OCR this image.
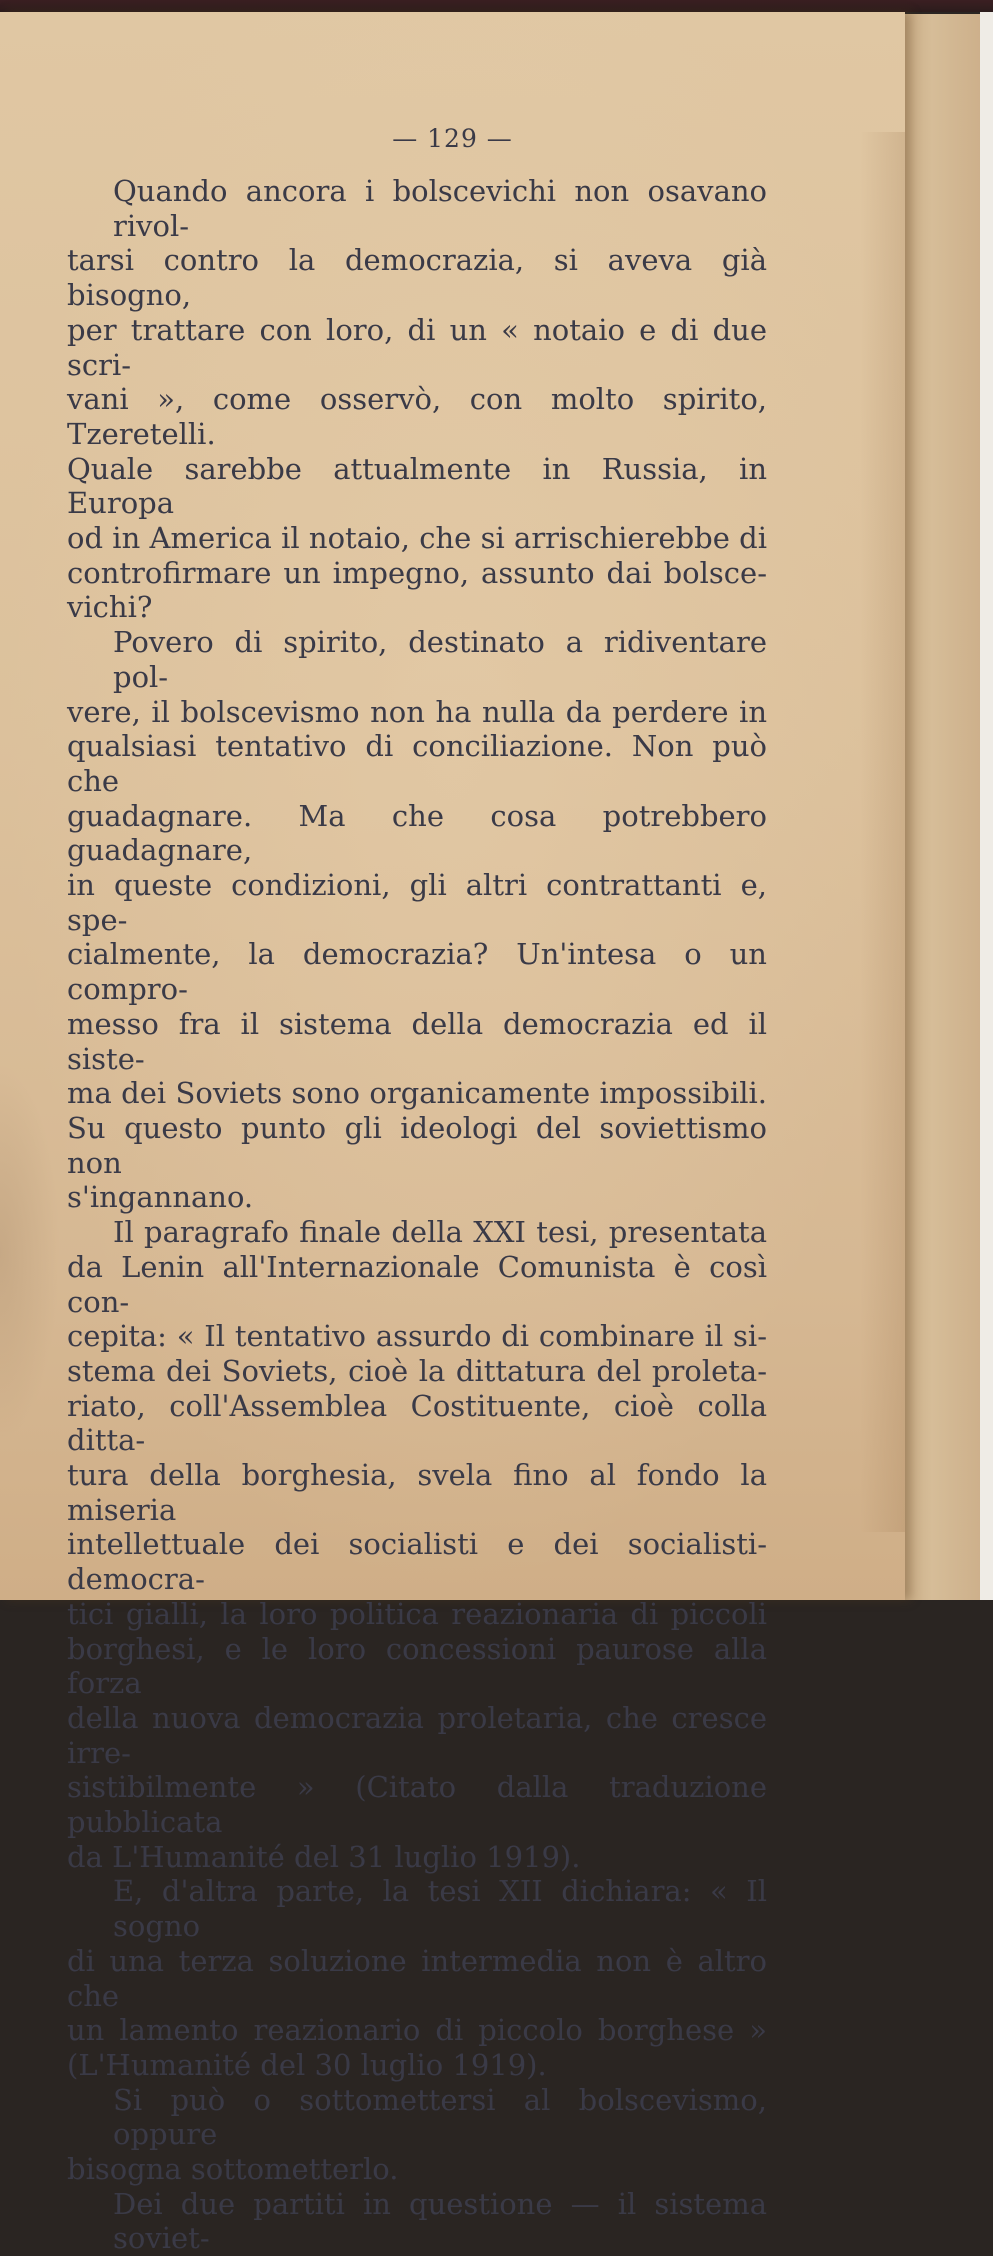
— 129 —

Quando ancora i bolscevichi non osavano rivol-
tarsi contro la democrazia, si aveva già bisogno,
per trattare con loro, di un « notaio e di due scri-
vani », come osservò, con molto spirito, Tzeretelli.
Quale sarebbe attualmente in Russia, in Europa
od in America il notaio, che si arrischierebbe di
controfirmare un impegno, assunto dai bolsce-
vichi?

Povero di spirito, destinato a ridiventare pol-
vere, il bolscevismo non ha nulla da perdere in
qualsiasi tentativo di conciliazione. Non può che
guadagnare. Ma che cosa potrebbero guadagnare,
in queste condizioni, gli altri contrattanti e, spe-
cialmente, la democrazia? Un'intesa o un compro-
messo fra il sistema della democrazia ed il siste-
ma dei Soviets sono organicamente impossibili.
Su questo punto gli ideologi del soviettismo non
s'ingannano.

Il paragrafo finale della XXI tesi, presentata
da Lenin all'Internazionale Comunista è così con-
cepita: « Il tentativo assurdo di combinare il si-
stema dei Soviets, cioè la dittatura del proleta-
riato, coll'Assemblea Costituente, cioè colla ditta-
tura della borghesia, svela fino al fondo la miseria
intellettuale dei socialisti e dei socialisti-democra-
tici gialli, la loro politica reazionaria di piccoli
borghesi, e le loro concessioni paurose alla forza
della nuova democrazia proletaria, che cresce irre-
sistibilmente » (Citato dalla traduzione pubblicata
da L'Humanité del 31 luglio 1919).

E, d'altra parte, la tesi XII dichiara: « Il sogno
di una terza soluzione intermedia non è altro che
un lamento reazionario di piccolo borghese »
(L'Humanité del 30 luglio 1919).

Si può o sottomettersi al bolscevismo, oppure
bisogna sottometterlo.

Dei due partiti in questione — il sistema soviet-
